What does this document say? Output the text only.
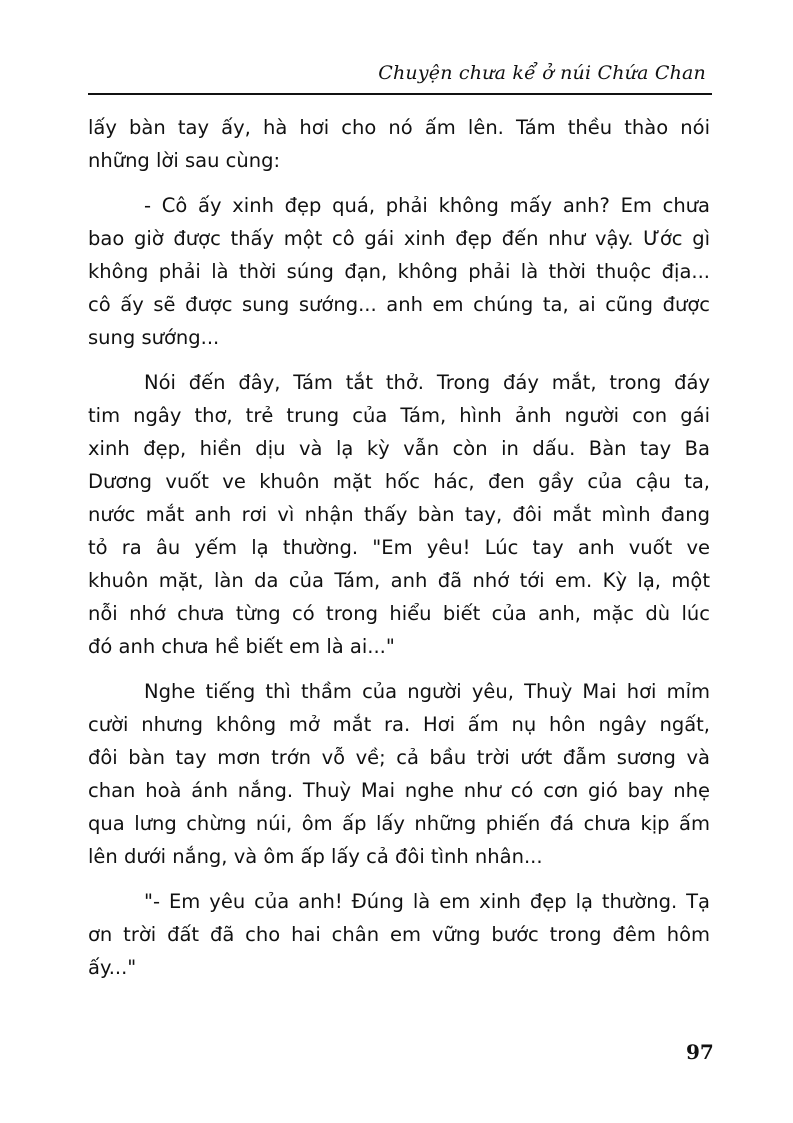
Chuyện chưa kể ở núi Chứa Chan
lấy bàn tay ấy, hà hơi cho nó ấm lên. Tám thều thào nói
những lời sau cùng:
- Cô ấy xinh đẹp quá, phải không mấy anh? Em chưa
bao giờ được thấy một cô gái xinh đẹp đến như vậy. Ước gì
không phải là thời súng đạn, không phải là thời thuộc địa...
cô ấy sẽ được sung sướng... anh em chúng ta, ai cũng được
sung sướng...
Nói đến đây, Tám tắt thở. Trong đáy mắt, trong đáy
tim ngây thơ, trẻ trung của Tám, hình ảnh người con gái
xinh đẹp, hiền dịu và lạ kỳ vẫn còn in dấu. Bàn tay Ba
Dương vuốt ve khuôn mặt hốc hác, đen gầy của cậu ta,
nước mắt anh rơi vì nhận thấy bàn tay, đôi mắt mình đang
tỏ ra âu yếm lạ thường. "Em yêu! Lúc tay anh vuốt ve
khuôn mặt, làn da của Tám, anh đã nhớ tới em. Kỳ lạ, một
nỗi nhớ chưa từng có trong hiểu biết của anh, mặc dù lúc
đó anh chưa hề biết em là ai..."
Nghe tiếng thì thầm của người yêu, Thuỳ Mai hơi mỉm
cười nhưng không mở mắt ra. Hơi ấm nụ hôn ngây ngất,
đôi bàn tay mơn trớn vỗ về; cả bầu trời ướt đẫm sương và
chan hoà ánh nắng. Thuỳ Mai nghe như có cơn gió bay nhẹ
qua lưng chừng núi, ôm ấp lấy những phiến đá chưa kịp ấm
lên dưới nắng, và ôm ấp lấy cả đôi tình nhân...
"- Em yêu của anh! Đúng là em xinh đẹp lạ thường. Tạ
ơn trời đất đã cho hai chân em vững bước trong đêm hôm
ấy..."
97
